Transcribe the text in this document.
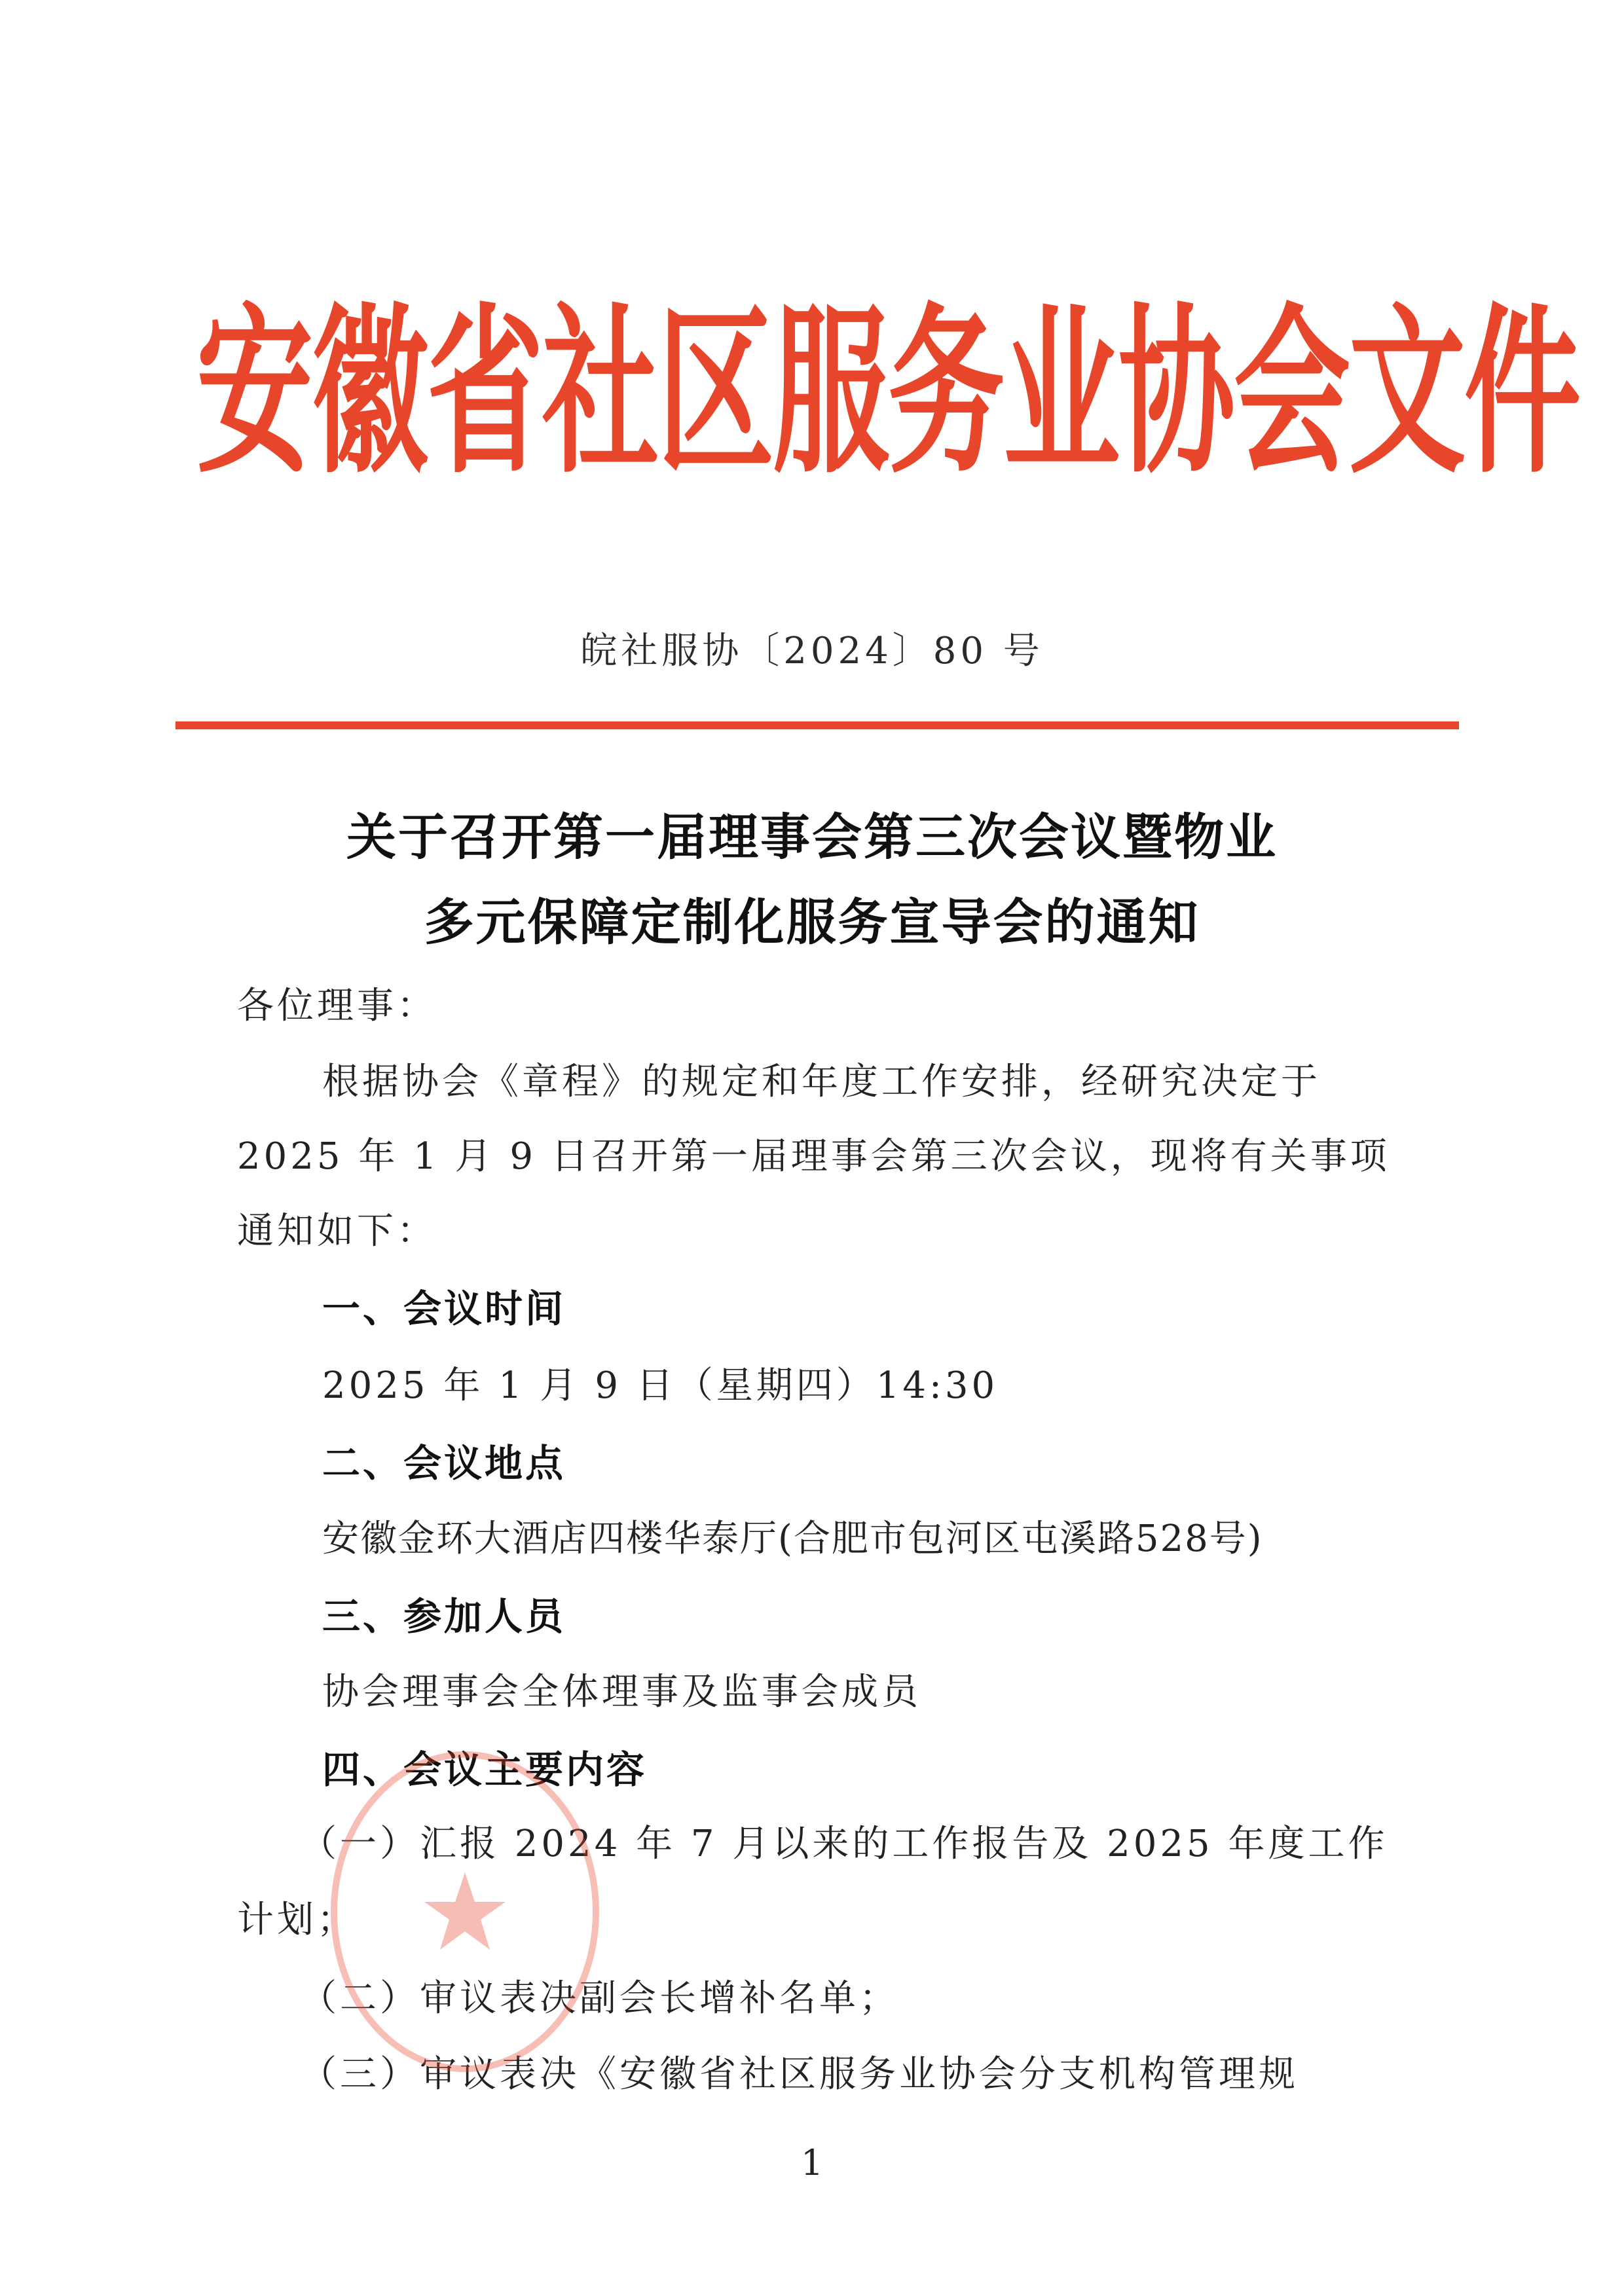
安徽省社区服务业协会文件
皖社服协〔2024〕80 号
关于召开第一届理事会第三次会议暨物业
多元保障定制化服务宣导会的通知
各位理事：
根据协会《章程》的规定和年度工作安排，经研究决定于
2025 年 1 月 9 日召开第一届理事会第三次会议，现将有关事项
通知如下：
一、会议时间
2025 年 1 月 9 日（星期四）14:30
二、会议地点
安徽金环大酒店四楼华泰厅(合肥市包河区屯溪路528号)
三、参加人员
协会理事会全体理事及监事会成员
四、会议主要内容
（一）汇报 2024 年 7 月以来的工作报告及 2025 年度工作
计划；
（二）审议表决副会长增补名单；
（三）审议表决《安徽省社区服务业协会分支机构管理规
1
